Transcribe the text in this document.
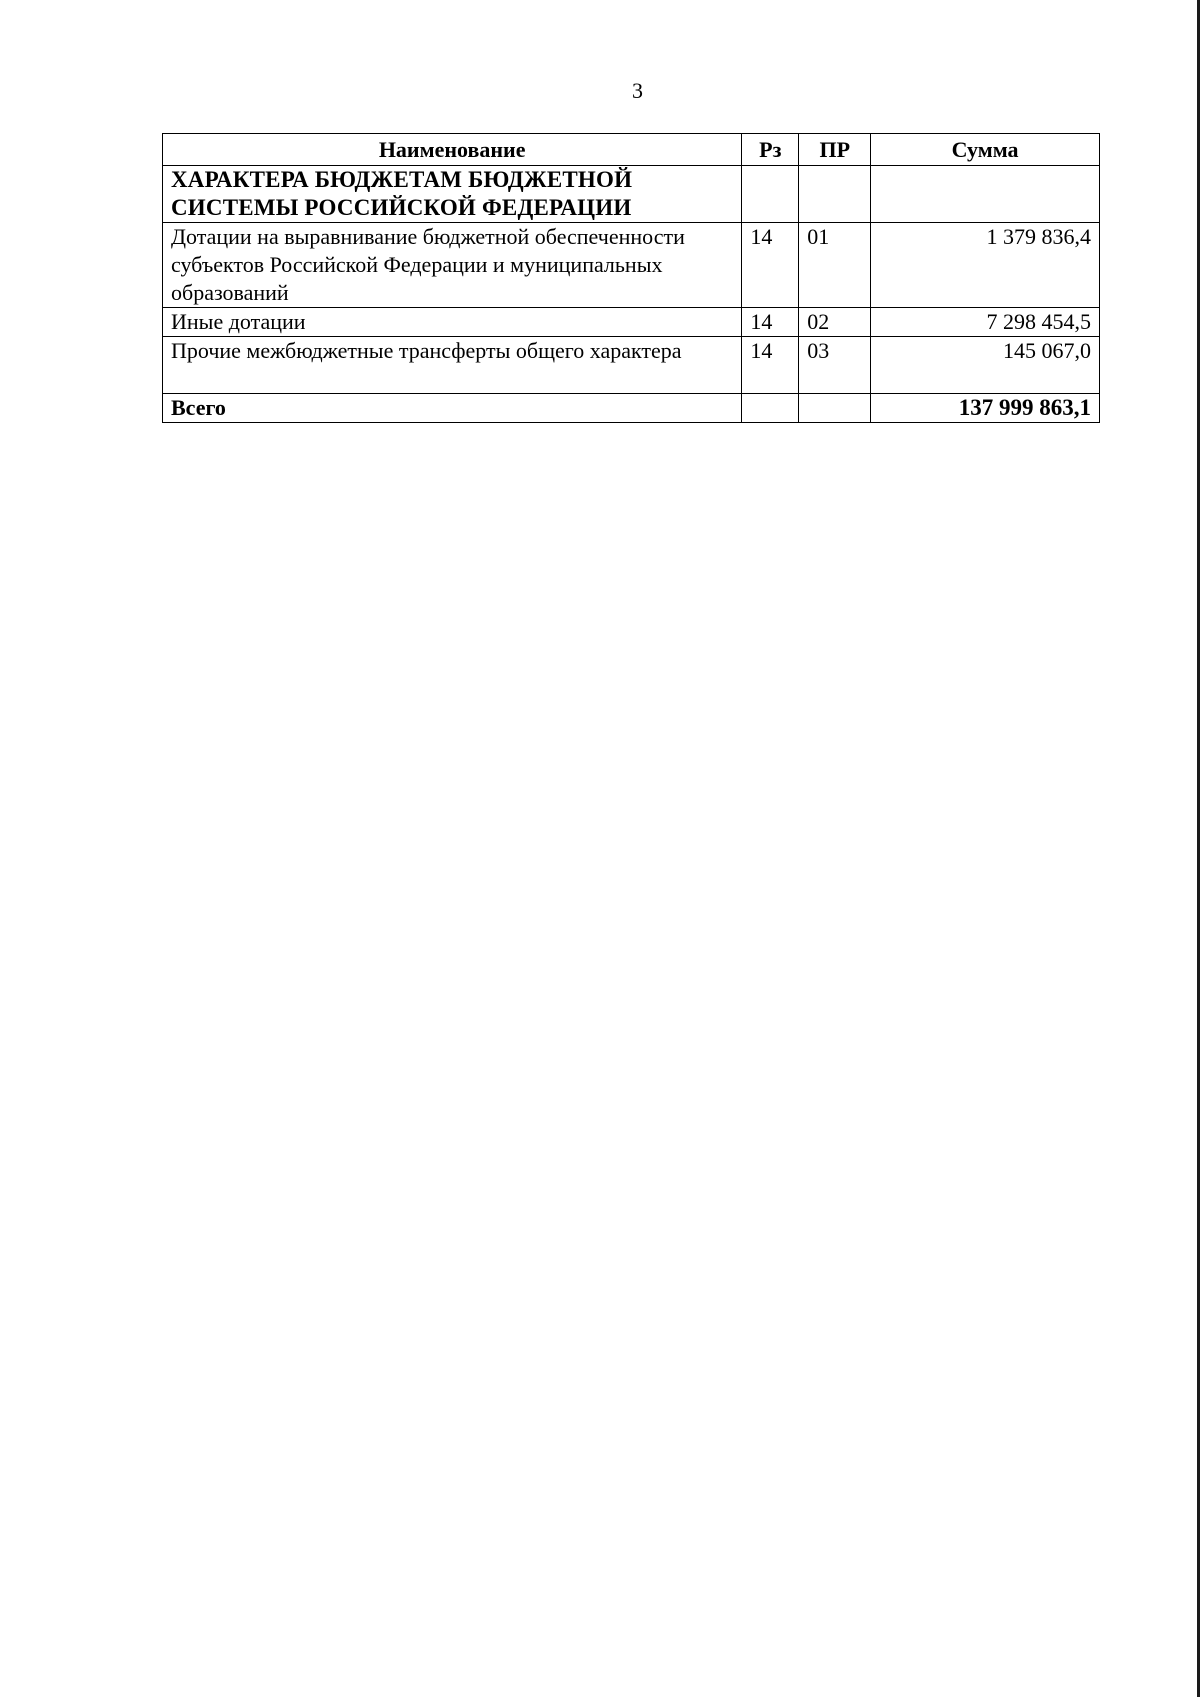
3
Наименование	Рз	ПР	Сумма
ХАРАКТЕРА БЮДЖЕТАМ БЮДЖЕТНОЙ СИСТЕМЫ РОССИЙСКОЙ ФЕДЕРАЦИИ			
Дотации на выравнивание бюджетной обеспеченности субъектов Российской Федерации и муниципальных образований	14	01	1 379 836,4
Иные дотации	14	02	7 298 454,5
Прочие межбюджетные трансферты общего характера	14	03	145 067,0
Всего			137 999 863,1
